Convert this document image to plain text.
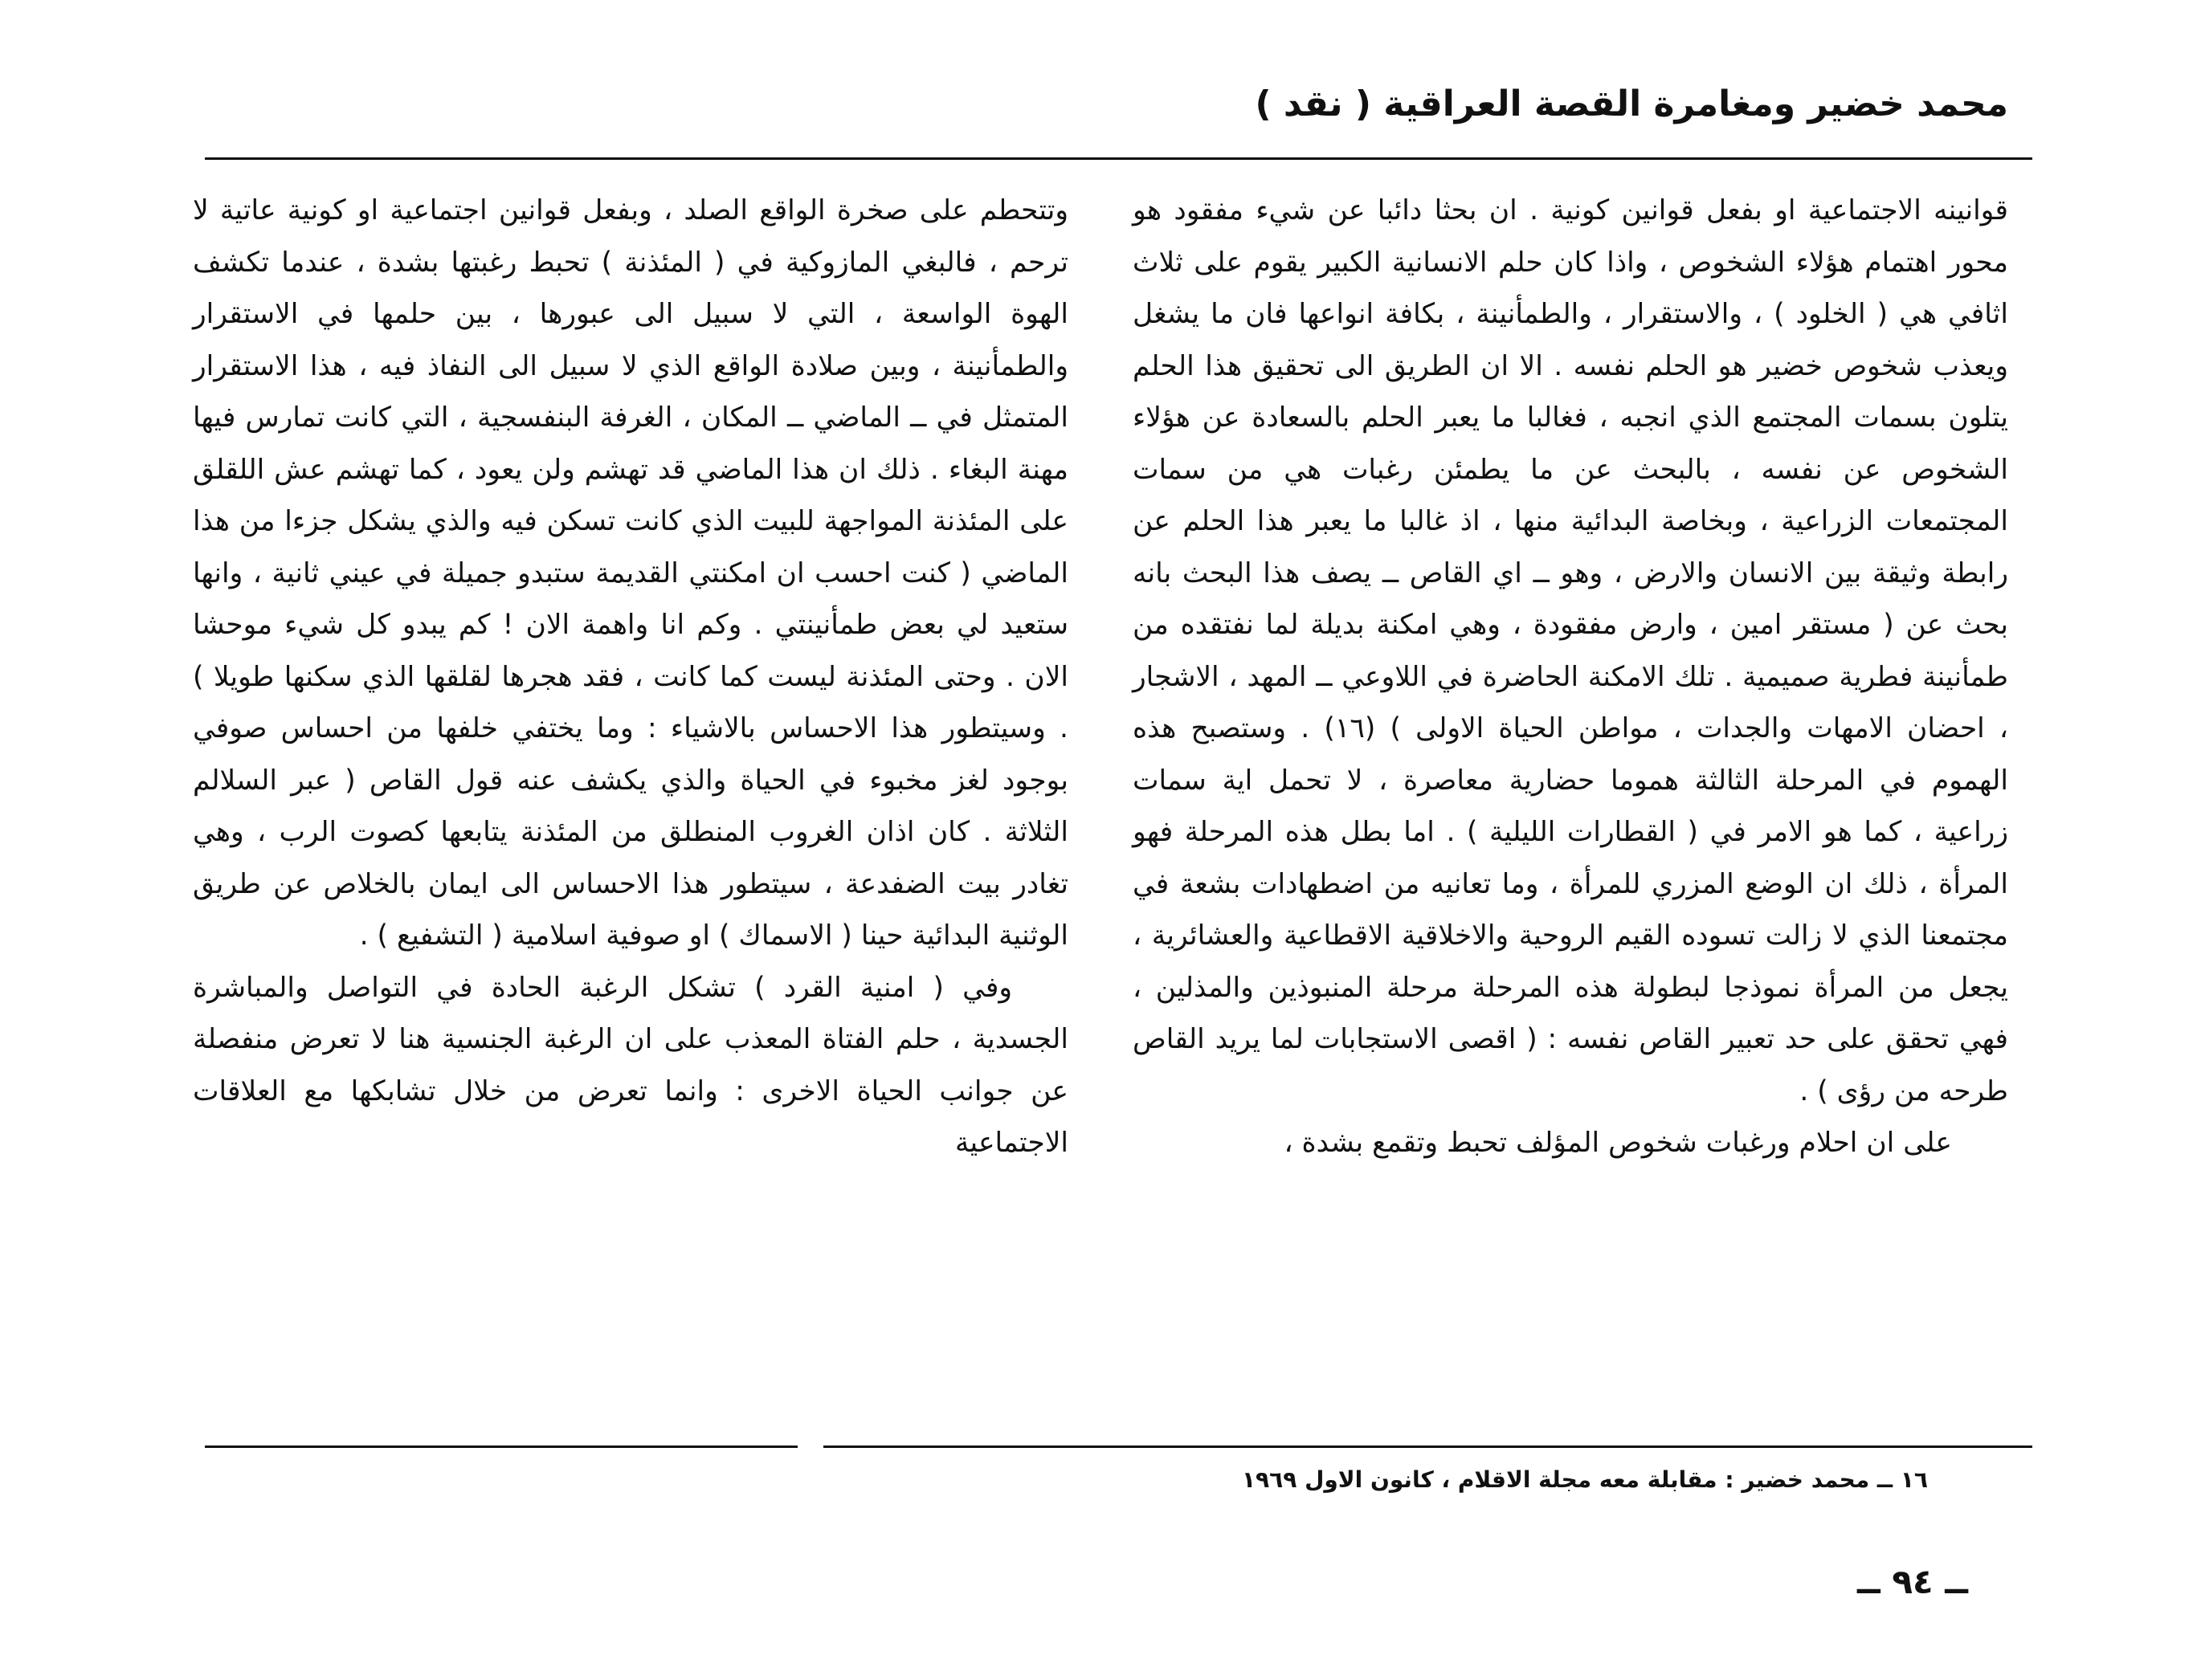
محمد خضير ومغامرة القصة العراقية ( نقد )

قوانينه الاجتماعية او بفعل قوانين كونية . ان بحثا دائبا عن شيء مفقود هو محور اهتمام هؤلاء الشخوص ، واذا كان حلم الانسانية الكبير يقوم على ثلاث اثافي هي ( الخلود ) ، والاستقرار ، والطمأنينة ، بكافة انواعها فان ما يشغل ويعذب شخوص خضير هو الحلم نفسه . الا ان الطريق الى تحقيق هذا الحلم يتلون بسمات المجتمع الذي انجبه ، فغالبا ما يعبر الحلم بالسعادة عن هؤلاء الشخوص عن نفسه ، بالبحث عن ما يطمئن رغبات هي من سمات المجتمعات الزراعية ، وبخاصة البدائية منها ، اذ غالبا ما يعبر هذا الحلم عن رابطة وثيقة بين الانسان والارض ، وهو ــ اي القاص ــ يصف هذا البحث بانه بحث عن ( مستقر امين ، وارض مفقودة ، وهي امكنة بديلة لما نفتقده من طمأنينة فطرية صميمية . تلك الامكنة الحاضرة في اللاوعي ــ المهد ، الاشجار ، احضان الامهات والجدات ، مواطن الحياة الاولى ) (١٦) . وستصبح هذه الهموم في المرحلة الثالثة هموما حضارية معاصرة ، لا تحمل اية سمات زراعية ، كما هو الامر في ( القطارات الليلية ) . اما بطل هذه المرحلة فهو المرأة ، ذلك ان الوضع المزري للمرأة ، وما تعانيه من اضطهادات بشعة في مجتمعنا الذي لا زالت تسوده القيم الروحية والاخلاقية الاقطاعية والعشائرية ، يجعل من المرأة نموذجا لبطولة هذه المرحلة مرحلة المنبوذين والمذلين ، فهي تحقق على حد تعبير القاص نفسه : ( اقصى الاستجابات لما يريد القاص طرحه من رؤى ) .

على ان احلام ورغبات شخوص المؤلف تحبط وتقمع بشدة ،

وتتحطم على صخرة الواقع الصلد ، وبفعل قوانين اجتماعية او كونية عاتية لا ترحم ، فالبغي المازوكية في ( المئذنة ) تحبط رغبتها بشدة ، عندما تكشف الهوة الواسعة ، التي لا سبيل الى عبورها ، بين حلمها في الاستقرار والطمأنينة ، وبين صلادة الواقع الذي لا سبيل الى النفاذ فيه ، هذا الاستقرار المتمثل في ــ الماضي ــ المكان ، الغرفة البنفسجية ، التي كانت تمارس فيها مهنة البغاء . ذلك ان هذا الماضي قد تهشم ولن يعود ، كما تهشم عش اللقلق على المئذنة المواجهة للبيت الذي كانت تسكن فيه والذي يشكل جزءا من هذا الماضي ( كنت احسب ان امكنتي القديمة ستبدو جميلة في عيني ثانية ، وانها ستعيد لي بعض طمأنينتي . وكم انا واهمة الان ! كم يبدو كل شيء موحشا الان . وحتى المئذنة ليست كما كانت ، فقد هجرها لقلقها الذي سكنها طويلا ) . وسيتطور هذا الاحساس بالاشياء : وما يختفي خلفها من احساس صوفي بوجود لغز مخبوء في الحياة والذي يكشف عنه قول القاص ( عبر السلالم الثلاثة . كان اذان الغروب المنطلق من المئذنة يتابعها كصوت الرب ، وهي تغادر بيت الضفدعة ، سيتطور هذا الاحساس الى ايمان بالخلاص عن طريق الوثنية البدائية حينا ( الاسماك ) او صوفية اسلامية ( التشفيع ) .

وفي ( امنية القرد ) تشكل الرغبة الحادة في التواصل والمباشرة الجسدية ، حلم الفتاة المعذب على ان الرغبة الجنسية هنا لا تعرض منفصلة عن جوانب الحياة الاخرى : وانما تعرض من خلال تشابكها مع العلاقات الاجتماعية

١٦ ــ محمد خضير : مقابلة معه مجلة الاقلام ، كانون الاول ١٩٦٩
ــ ٩٤ ــ
